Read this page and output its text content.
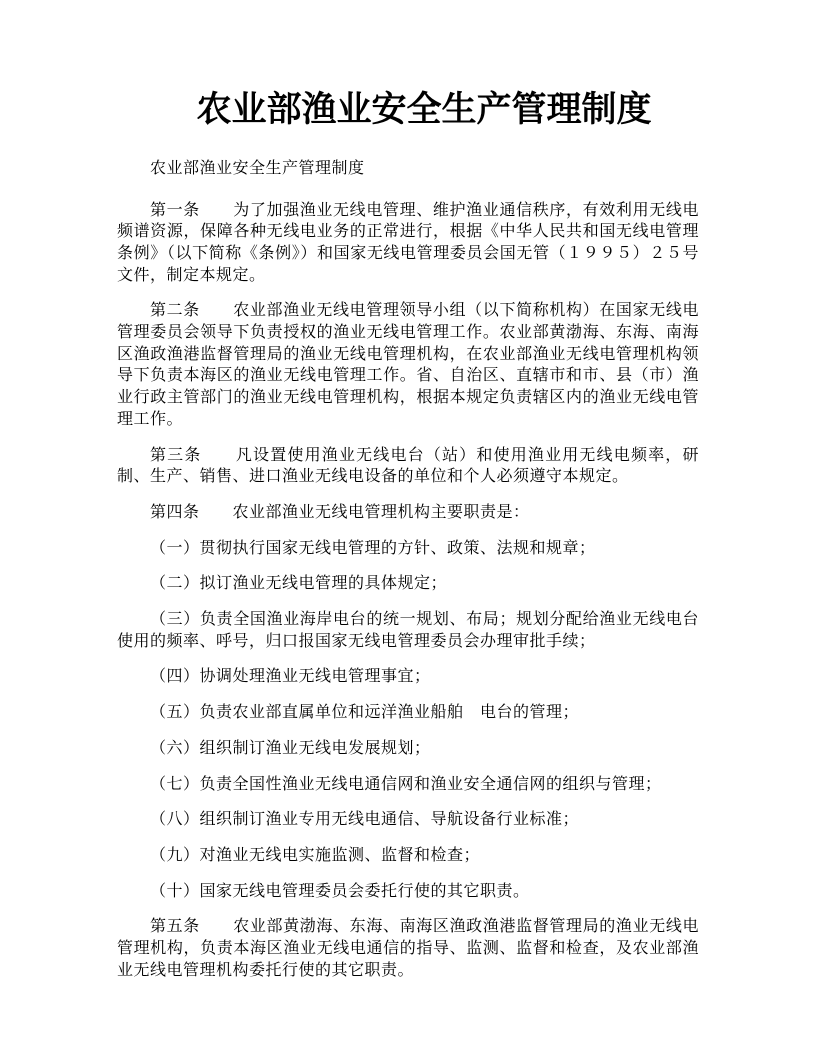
农业部渔业安全生产管理制度

农业部渔业安全生产管理制度

第一条　　为了加强渔业无线电管理、维护渔业通信秩序，有效利用无线电频谱资源，保障各种无线电业务的正常进行，根据《中华人民共和国无线电管理条例》（以下简称《条例》）和国家无线电管理委员会国无管（１９９５）２５号文件，制定本规定。

第二条　　农业部渔业无线电管理领导小组（以下简称机构）在国家无线电管理委员会领导下负责授权的渔业无线电管理工作。农业部黄渤海、东海、南海区渔政渔港监督管理局的渔业无线电管理机构，在农业部渔业无线电管理机构领导下负责本海区的渔业无线电管理工作。省、自治区、直辖市和市、县（市）渔业行政主管部门的渔业无线电管理机构，根据本规定负责辖区内的渔业无线电管理工作。

第三条　　凡设置使用渔业无线电台（站）和使用渔业用无线电频率，研制、生产、销售、进口渔业无线电设备的单位和个人必须遵守本规定。

第四条　　农业部渔业无线电管理机构主要职责是：

（一）贯彻执行国家无线电管理的方针、政策、法规和规章；

（二）拟订渔业无线电管理的具体规定；

（三）负责全国渔业海岸电台的统一规划、布局；规划分配给渔业无线电台使用的频率、呼号，归口报国家无线电管理委员会办理审批手续；

（四）协调处理渔业无线电管理事宜；

（五）负责农业部直属单位和远洋渔业船舶　电台的管理；

（六）组织制订渔业无线电发展规划；

（七）负责全国性渔业无线电通信网和渔业安全通信网的组织与管理；

（八）组织制订渔业专用无线电通信、导航设备行业标准；

（九）对渔业无线电实施监测、监督和检查；

（十）国家无线电管理委员会委托行使的其它职责。

第五条　　农业部黄渤海、东海、南海区渔政渔港监督管理局的渔业无线电管理机构，负责本海区渔业无线电通信的指导、监测、监督和检查，及农业部渔业无线电管理机构委托行使的其它职责。
